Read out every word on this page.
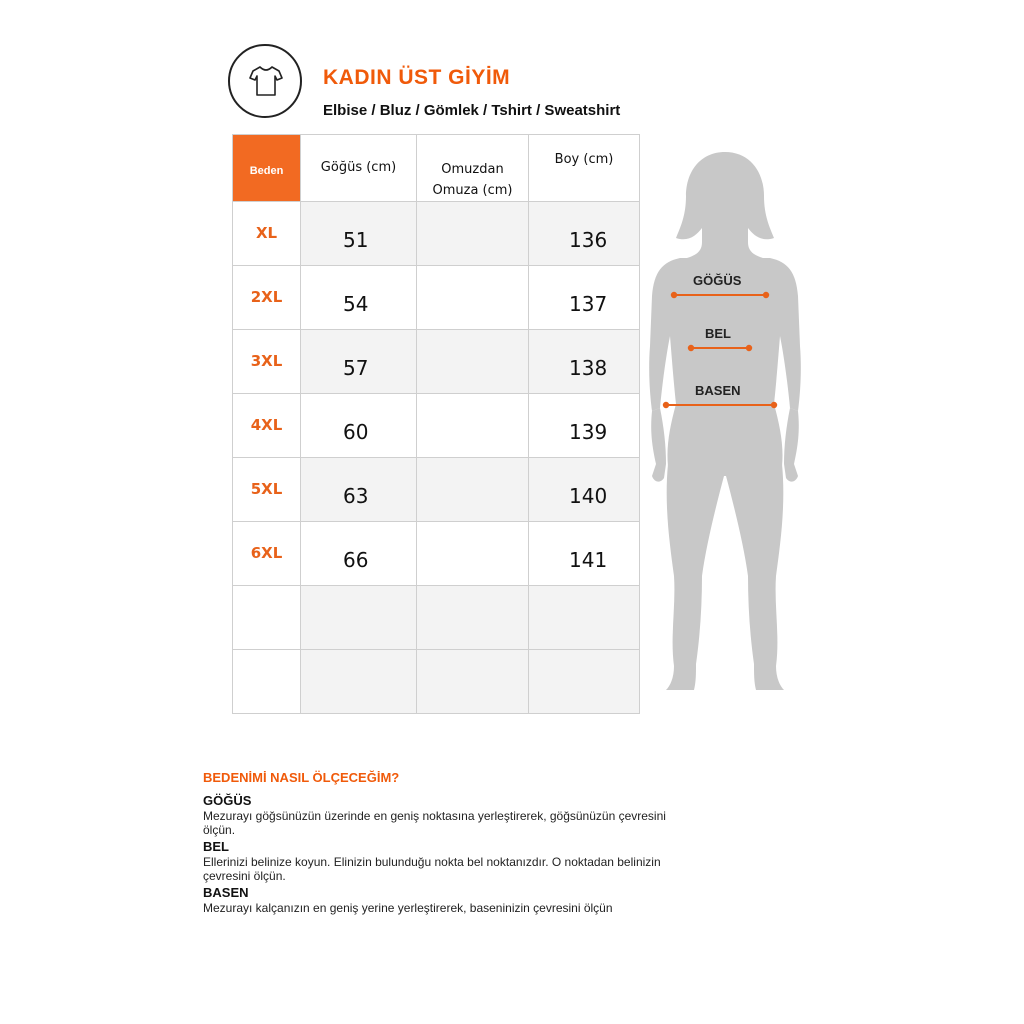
KADIN ÜST GİYİM
Elbise / Bluz / Gömlek / Tshirt / Sweatshirt
Beden	Göğüs (cm)	Omuzdan Omuza (cm)	Boy (cm)

XL	51		136

2XL	54		137

3XL	57		138

4XL	60		139

5XL	63		140

6XL	66		141

GÖĞÜS
BEL
BASEN

BEDENİMİ NASIL ÖLÇECEĞİM?

GÖĞÜS

Mezurayı göğsünüzün üzerinde en geniş noktasına yerleştirerek, göğsünüzün çevresini ölçün.

BEL

Ellerinizi belinize koyun. Elinizin bulunduğu nokta bel noktanızdır. O noktadan belinizin çevresini ölçün.

BASEN

Mezurayı kalçanızın en geniş yerine yerleştirerek, baseninizin çevresini ölçün
